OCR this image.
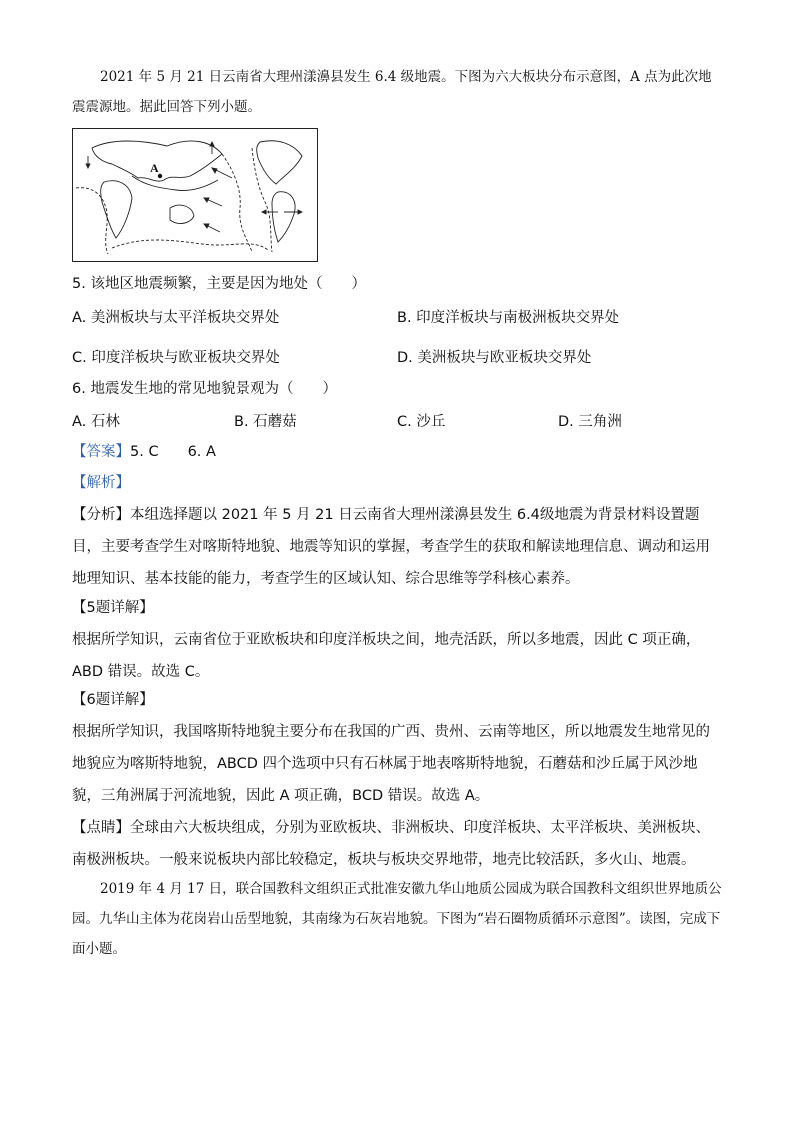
2021 年 5 月 21 日云南省大理州漾濞县发生 6.4 级地震。下图为六大板块分布示意图，A 点为此次地震震源地。据此回答下列小题。

A
5. 该地区地震频繁，主要是因为地处（　　）
A. 美洲板块与太平洋板块交界处	B. 印度洋板块与南极洲板块交界处
C. 印度洋板块与欧亚板块交界处	D. 美洲板块与欧亚板块交界处
6. 地震发生地的常见地貌景观为（　　）
A. 石林	B. 石蘑菇	C. 沙丘	D. 三角洲
【答案】5. C　　6. A
【解析】

【分析】本组选择题以 2021 年 5 月 21 日云南省大理州漾濞县发生 6.4级地震为背景材料设置题目，主要考查学生对喀斯特地貌、地震等知识的掌握，考查学生的获取和解读地理信息、调动和运用地理知识、基本技能的能力，考查学生的区域认知、综合思维等学科核心素养。

【5题详解】

根据所学知识，云南省位于亚欧板块和印度洋板块之间，地壳活跃，所以多地震，因此 C 项正确，ABD 错误。故选 C。

【6题详解】

根据所学知识，我国喀斯特地貌主要分布在我国的广西、贵州、云南等地区，所以地震发生地常见的地貌应为喀斯特地貌，ABCD 四个选项中只有石林属于地表喀斯特地貌，石蘑菇和沙丘属于风沙地貌，三角洲属于河流地貌，因此 A 项正确，BCD 错误。故选 A。

【点睛】全球由六大板块组成，分别为亚欧板块、非洲板块、印度洋板块、太平洋板块、美洲板块、南极洲板块。一般来说板块内部比较稳定，板块与板块交界地带，地壳比较活跃，多火山、地震。

2019 年 4 月 17 日，联合国教科文组织正式批准安徽九华山地质公园成为联合国教科文组织世界地质公园。九华山主体为花岗岩山岳型地貌，其南缘为石灰岩地貌。下图为“岩石圈物质循环示意图”。读图，完成下面小题。
